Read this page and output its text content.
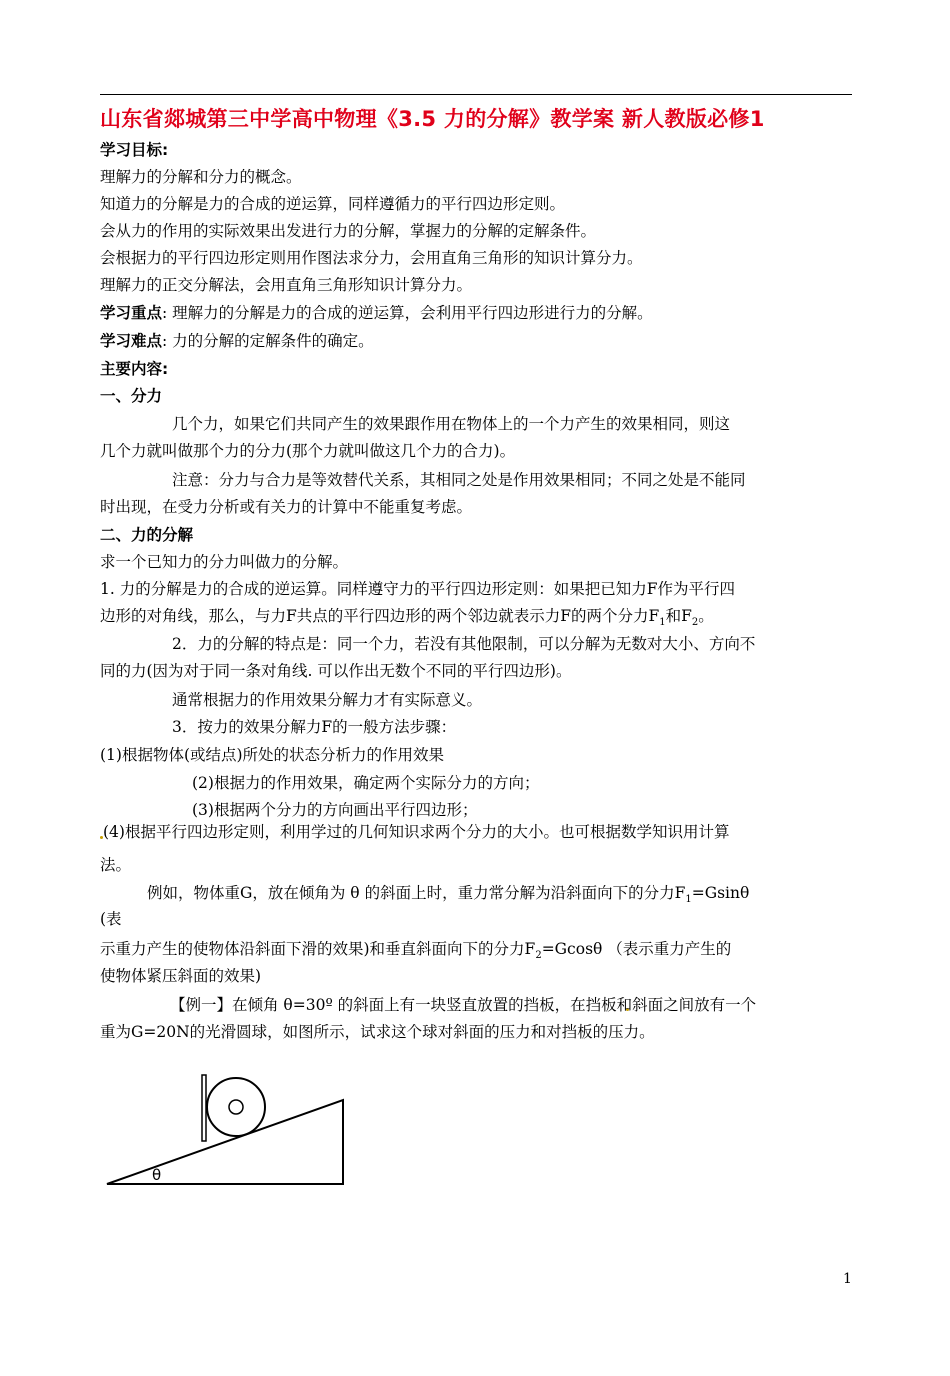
山东省郯城第三中学高中物理《3.5 力的分解》教学案 新人教版必修1
学习目标:
理解力的分解和分力的概念。
知道力的分解是力的合成的逆运算，同样遵循力的平行四边形定则。
会从力的作用的实际效果出发进行力的分解，掌握力的分解的定解条件。
会根据力的平行四边形定则用作图法求分力，会用直角三角形的知识计算分力。
理解力的正交分解法，会用直角三角形知识计算分力。
学习重点: 理解力的分解是力的合成的逆运算，会利用平行四边形进行力的分解。
学习难点: 力的分解的定解条件的确定。
主要内容:
一、分力
几个力，如果它们共同产生的效果跟作用在物体上的一个力产生的效果相同，则这
几个力就叫做那个力的分力(那个力就叫做这几个力的合力)。
注意：分力与合力是等效替代关系，其相同之处是作用效果相同；不同之处是不能同
时出现，在受力分析或有关力的计算中不能重复考虑。
二、力的分解
求一个已知力的分力叫做力的分解。
1. 力的分解是力的合成的逆运算。同样遵守力的平行四边形定则：如果把已知力F作为平行四
边形的对角线，那么，与力F共点的平行四边形的两个邻边就表示力F的两个分力$F_1$和$F_2$。
2．力的分解的特点是：同一个力，若没有其他限制，可以分解为无数对大小、方向不
同的力(因为对于同一条对角线. 可以作出无数个不同的平行四边形)。
通常根据力的作用效果分解力才有实际意义。
3．按力的效果分解力F的一般方法步骤：
(1)根据物体(或结点)所处的状态分析力的作用效果
(2)根据力的作用效果，确定两个实际分力的方向；
(3)根据两个分力的方向画出平行四边形；
(4)根据平行四边形定则，利用学过的几何知识求两个分力的大小。也可根据数学知识用计算
法。
例如，物体重G，放在倾角为 θ 的斜面上时，重力常分解为沿斜面向下的分力$F_1=Gsin\theta$
(表
示重力产生的使物体沿斜面下滑的效果)和垂直斜面向下的分力$F_2=Gcos\theta$ （表示重力产生的
使物体紧压斜面的效果)
【例一】在倾角 θ=30º 的斜面上有一块竖直放置的挡板，在挡板和斜面之间放有一个
重为G=20N的光滑圆球，如图所示，试求这个球对斜面的压力和对挡板的压力。
θ
1
